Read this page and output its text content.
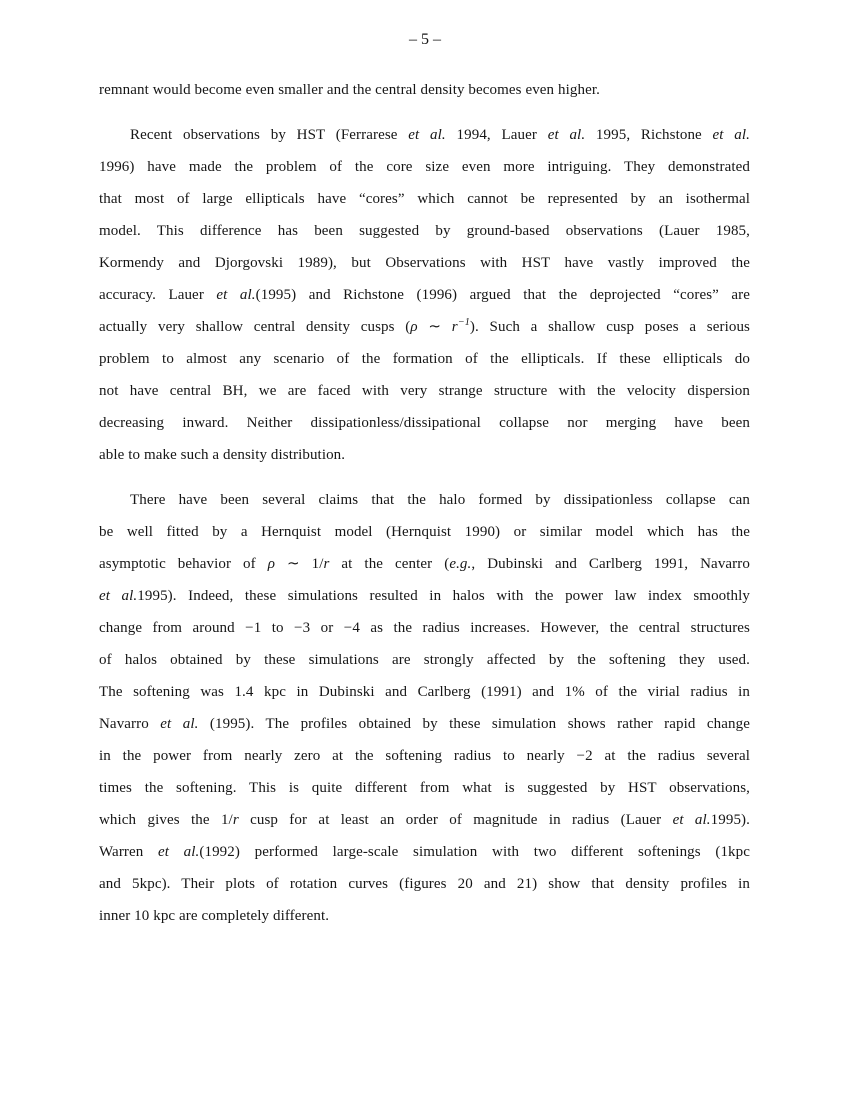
– 5 –
remnant would become even smaller and the central density becomes even higher.
Recent observations by HST (Ferrarese et al. 1994, Lauer et al. 1995, Richstone et al.
1996) have made the problem of the core size even more intriguing. They demonstrated
that most of large ellipticals have “cores” which cannot be represented by an isothermal
model. This difference has been suggested by ground-based observations (Lauer 1985,
Kormendy and Djorgovski 1989), but Observations with HST have vastly improved the
accuracy. Lauer et al.(1995) and Richstone (1996) argued that the deprojected “cores” are
actually very shallow central density cusps (ρ ∼ $r^{-1}$). Such a shallow cusp poses a serious
problem to almost any scenario of the formation of the ellipticals. If these ellipticals do
not have central BH, we are faced with very strange structure with the velocity dispersion
decreasing inward. Neither dissipationless/dissipational collapse nor merging have been
able to make such a density distribution.
There have been several claims that the halo formed by dissipationless collapse can
be well fitted by a Hernquist model (Hernquist 1990) or similar model which has the
asymptotic behavior of ρ ∼ 1/r at the center (e.g., Dubinski and Carlberg 1991, Navarro
et al.1995). Indeed, these simulations resulted in halos with the power law index smoothly
change from around −1 to −3 or −4 as the radius increases. However, the central structures
of halos obtained by these simulations are strongly affected by the softening they used.
The softening was 1.4 kpc in Dubinski and Carlberg (1991) and 1% of the virial radius in
Navarro et al. (1995). The profiles obtained by these simulation shows rather rapid change
in the power from nearly zero at the softening radius to nearly −2 at the radius several
times the softening. This is quite different from what is suggested by HST observations,
which gives the 1/r cusp for at least an order of magnitude in radius (Lauer et al.1995).
Warren et al.(1992) performed large-scale simulation with two different softenings (1kpc
and 5kpc). Their plots of rotation curves (figures 20 and 21) show that density profiles in
inner 10 kpc are completely different.
